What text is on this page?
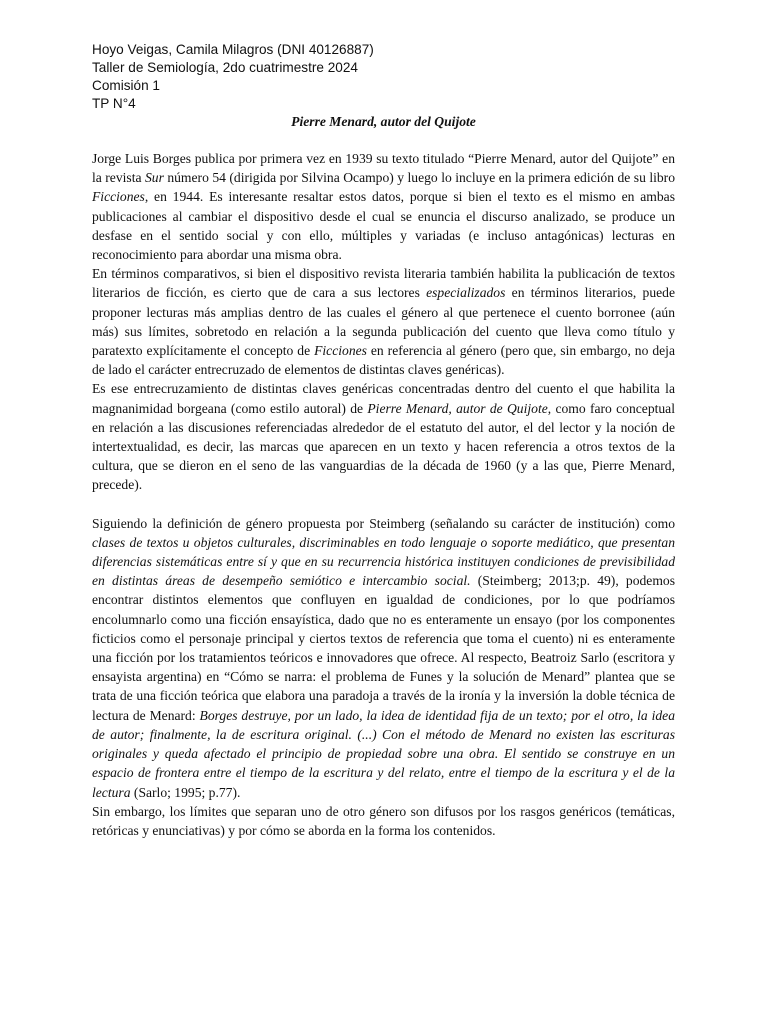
Hoyo Veigas, Camila Milagros (DNI 40126887)
Taller de Semiología, 2do cuatrimestre 2024
Comisión 1
TP N°4
Pierre Menard, autor del Quijote

Jorge Luis Borges publica por primera vez en 1939 su texto titulado “Pierre Menard, autor del Quijote” en la revista Sur número 54 (dirigida por Silvina Ocampo) y luego lo incluye en la primera edición de su libro Ficciones, en 1944. Es interesante resaltar estos datos, porque si bien el texto es el mismo en ambas publicaciones al cambiar el dispositivo desde el cual se enuncia el discurso analizado, se produce un desfase en el sentido social y con ello, múltiples y variadas (e incluso antagónicas) lecturas en reconocimiento para abordar una misma obra.

En términos comparativos, si bien el dispositivo revista literaria también habilita la publicación de textos literarios de ficción, es cierto que de cara a sus lectores especializados en términos literarios, puede proponer lecturas más amplias dentro de las cuales el género al que pertenece el cuento borronee (aún más) sus límites, sobretodo en relación a la segunda publicación del cuento que lleva como título y paratexto explícitamente el concepto de Ficciones en referencia al género (pero que, sin embargo, no deja de lado el carácter entrecruzado de elementos de distintas claves genéricas).

Es ese entrecruzamiento de distintas claves genéricas concentradas dentro del cuento el que habilita la magnanimidad borgeana (como estilo autoral) de Pierre Menard, autor de Quijote, como faro conceptual en relación a las discusiones referenciadas alrededor de el estatuto del autor, el del lector y la noción de intertextualidad, es decir, las marcas que aparecen en un texto y hacen referencia a otros textos de la cultura, que se dieron en el seno de las vanguardias de la década de 1960 (y a las que, Pierre Menard, precede).

Siguiendo la definición de género propuesta por Steimberg (señalando su carácter de institución) como clases de textos u objetos culturales, discriminables en todo lenguaje o soporte mediático, que presentan diferencias sistemáticas entre sí y que en su recurrencia histórica instituyen condiciones de previsibilidad en distintas áreas de desempeño semiótico e intercambio social. (Steimberg; 2013;p. 49), podemos encontrar distintos elementos que confluyen en igualdad de condiciones, por lo que podríamos encolumnarlo como una ficción ensayística, dado que no es enteramente un ensayo (por los componentes ficticios como el personaje principal y ciertos textos de referencia que toma el cuento) ni es enteramente una ficción por los tratamientos teóricos e innovadores que ofrece. Al respecto, Beatroiz Sarlo (escritora y ensayista argentina) en “Cómo se narra: el problema de Funes y la solución de Menard” plantea que se trata de una ficción teórica que elabora una paradoja a través de la ironía y la inversión la doble técnica de lectura de Menard: Borges destruye, por un lado, la idea de identidad fija de un texto; por el otro, la idea de autor; finalmente, la de escritura original. (...) Con el método de Menard no existen las escrituras originales y queda afectado el principio de propiedad sobre una obra. El sentido se construye en un espacio de frontera entre el tiempo de la escritura y del relato, entre el tiempo de la escritura y el de la lectura (Sarlo; 1995; p.77).

Sin embargo, los límites que separan uno de otro género son difusos por los rasgos genéricos (temáticas, retóricas y enunciativas) y por cómo se aborda en la forma los contenidos.
